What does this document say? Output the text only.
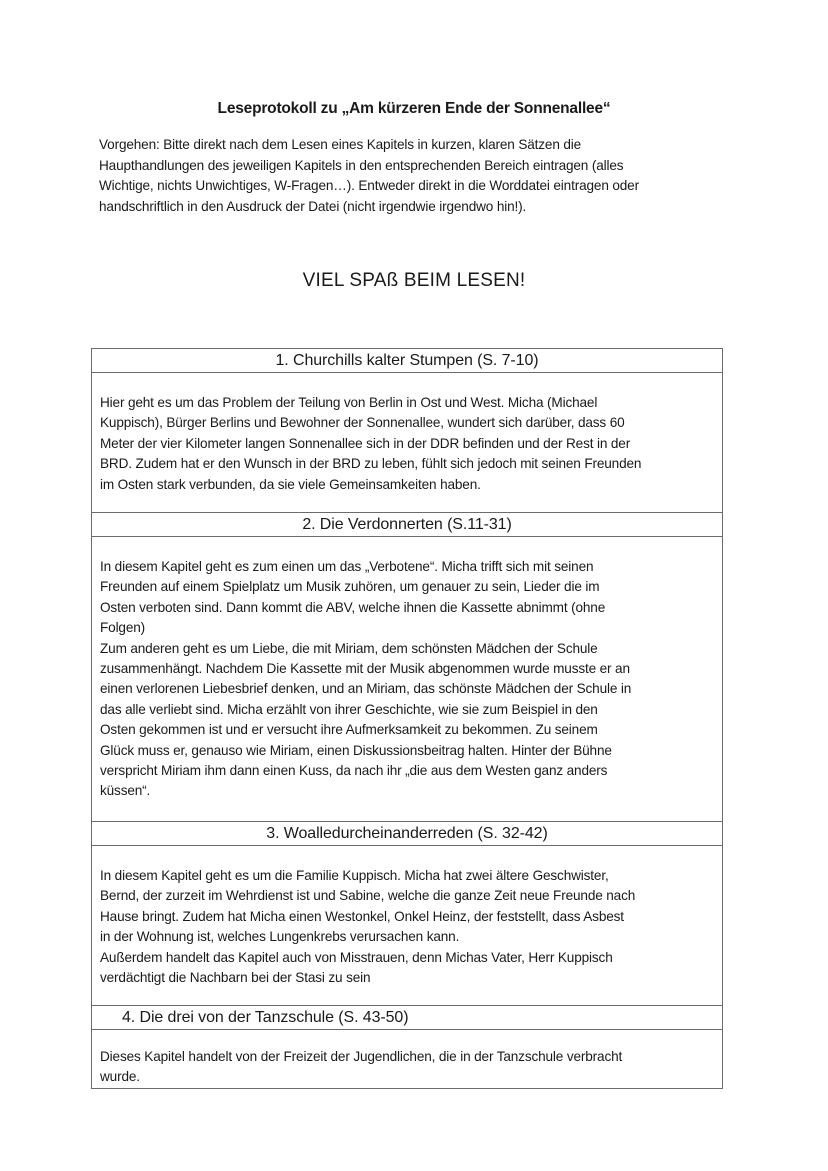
Leseprotokoll zu „Am kürzeren Ende der Sonnenallee“
Vorgehen: Bitte direkt nach dem Lesen eines Kapitels in kurzen, klaren Sätzen die
Haupthandlungen des jeweiligen Kapitels in den entsprechenden Bereich eintragen (alles
Wichtige, nichts Unwichtiges, W-Fragen…). Entweder direkt in die Worddatei eintragen oder
handschriftlich in den Ausdruck der Datei (nicht irgendwie irgendwo hin!).
VIEL SPAß BEIM LESEN!
1. Churchills kalter Stumpen (S. 7-10)
Hier geht es um das Problem der Teilung von Berlin in Ost und West. Micha (Michael
Kuppisch), Bürger Berlins und Bewohner der Sonnenallee, wundert sich darüber, dass 60
Meter der vier Kilometer langen Sonnenallee sich in der DDR befinden und der Rest in der
BRD. Zudem hat er den Wunsch in der BRD zu leben, fühlt sich jedoch mit seinen Freunden
im Osten stark verbunden, da sie viele Gemeinsamkeiten haben.
2. Die Verdonnerten (S.11-31)
In diesem Kapitel geht es zum einen um das „Verbotene“. Micha trifft sich mit seinen
Freunden auf einem Spielplatz um Musik zuhören, um genauer zu sein, Lieder die im
Osten verboten sind. Dann kommt die ABV, welche ihnen die Kassette abnimmt (ohne
Folgen)
Zum anderen geht es um Liebe, die mit Miriam, dem schönsten Mädchen der Schule
zusammenhängt. Nachdem Die Kassette mit der Musik abgenommen wurde musste er an
einen verlorenen Liebesbrief denken, und an Miriam, das schönste Mädchen der Schule in
das alle verliebt sind. Micha erzählt von ihrer Geschichte, wie sie zum Beispiel in den
Osten gekommen ist und er versucht ihre Aufmerksamkeit zu bekommen. Zu seinem
Glück muss er, genauso wie Miriam, einen Diskussionsbeitrag halten. Hinter der Bühne
verspricht Miriam ihm dann einen Kuss, da nach ihr „die aus dem Westen ganz anders
küssen“.
3. Woalledurcheinanderreden (S. 32-42)
In diesem Kapitel geht es um die Familie Kuppisch. Micha hat zwei ältere Geschwister,
Bernd, der zurzeit im Wehrdienst ist und Sabine, welche die ganze Zeit neue Freunde nach
Hause bringt. Zudem hat Micha einen Westonkel, Onkel Heinz, der feststellt, dass Asbest
in der Wohnung ist, welches Lungenkrebs verursachen kann.
Außerdem handelt das Kapitel auch von Misstrauen, denn Michas Vater, Herr Kuppisch
verdächtigt die Nachbarn bei der Stasi zu sein
4. Die drei von der Tanzschule (S. 43-50)
Dieses Kapitel handelt von der Freizeit der Jugendlichen, die in der Tanzschule verbracht
wurde.
